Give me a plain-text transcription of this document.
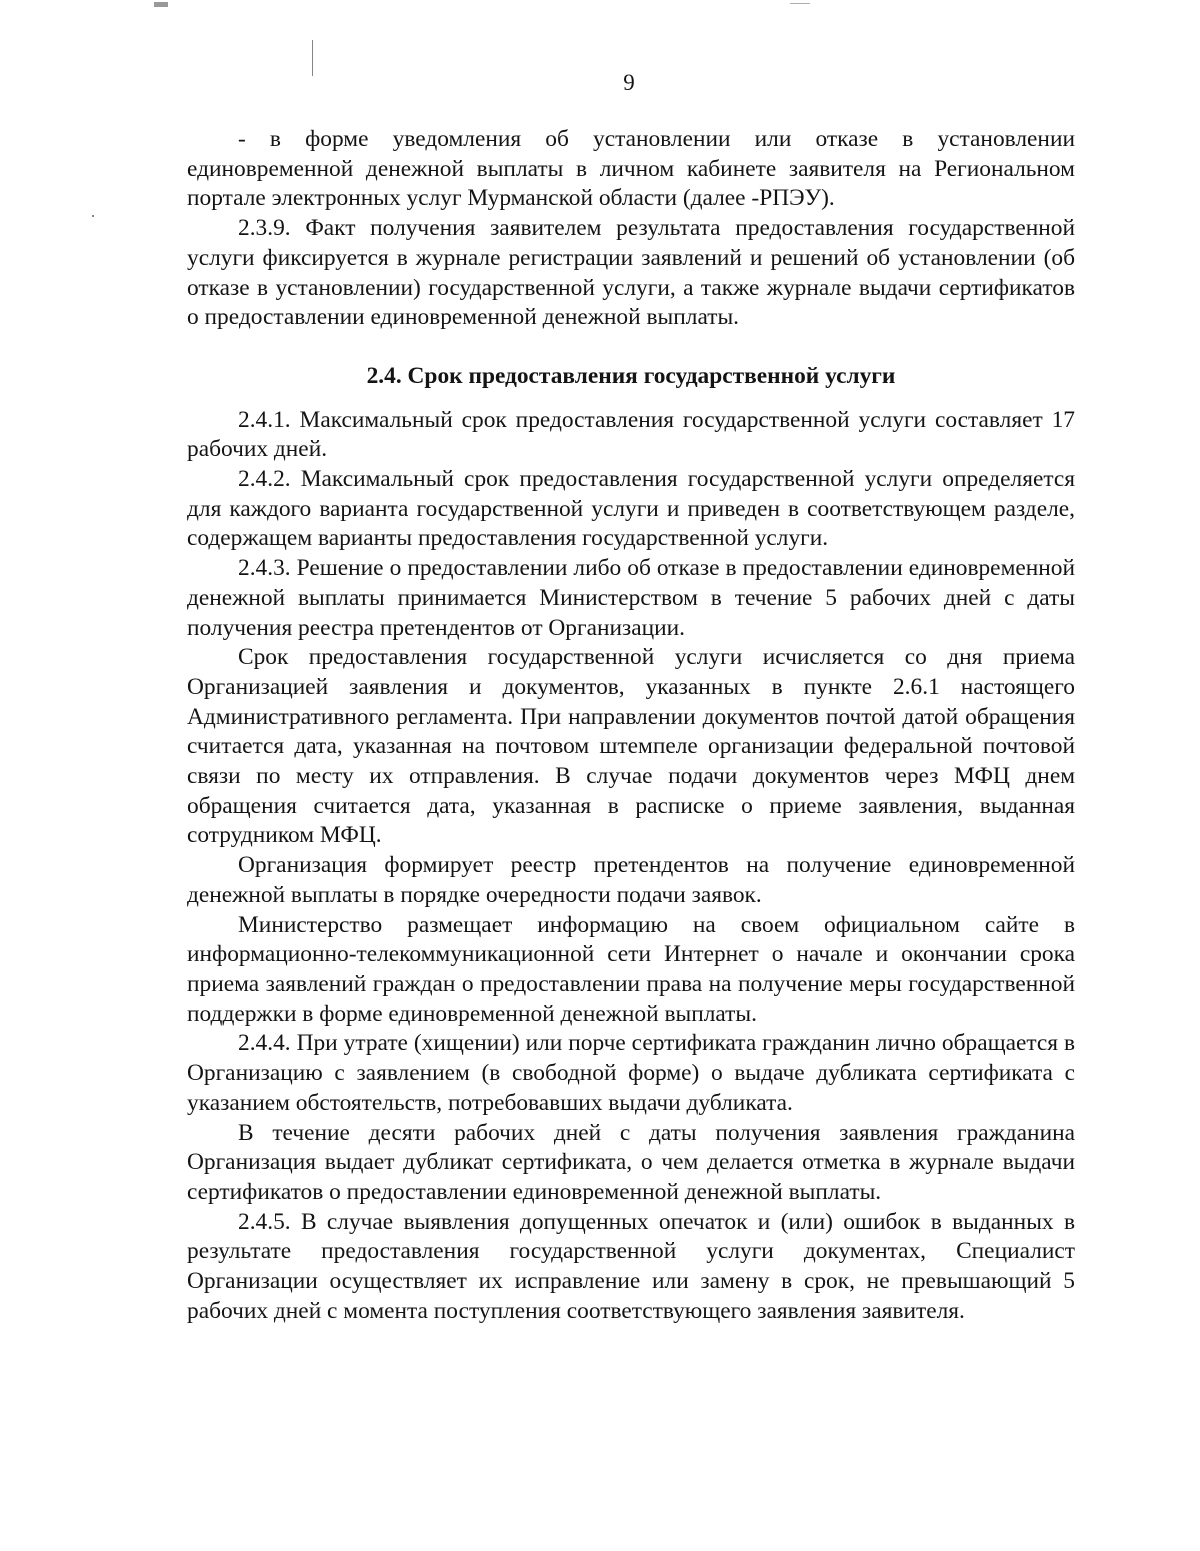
9

- в форме уведомления об установлении или отказе в установлении единовременной денежной выплаты в личном кабинете заявителя на Региональном портале электронных услуг Мурманской области (далее -РПЭУ).

2.3.9. Факт получения заявителем результата предоставления государственной услуги фиксируется в журнале регистрации заявлений и решений об установлении (об отказе в установлении) государственной услуги, а также журнале выдачи сертификатов о предоставлении единовременной денежной выплаты.

2.4. Срок предоставления государственной услуги

2.4.1. Максимальный срок предоставления государственной услуги составляет 17 рабочих дней.

2.4.2. Максимальный срок предоставления государственной услуги определяется для каждого варианта государственной услуги и приведен в соответствующем разделе, содержащем варианты предоставления государственной услуги.

2.4.3. Решение о предоставлении либо об отказе в предоставлении единовременной денежной выплаты принимается Министерством в течение 5 рабочих дней с даты получения реестра претендентов от Организации.

Срок предоставления государственной услуги исчисляется со дня приема Организацией заявления и документов, указанных в пункте 2.6.1 настоящего Административного регламента. При направлении документов почтой датой обращения считается дата, указанная на почтовом штемпеле организации федеральной почтовой связи по месту их отправления. В случае подачи документов через МФЦ днем обращения считается дата, указанная в расписке о приеме заявления, выданная сотрудником МФЦ.

Организация формирует реестр претендентов на получение единовременной денежной выплаты в порядке очередности подачи заявок.

Министерство размещает информацию на своем официальном сайте в информационно-телекоммуникационной сети Интернет о начале и окончании срока приема заявлений граждан о предоставлении права на получение меры государственной поддержки в форме единовременной денежной выплаты.

2.4.4. При утрате (хищении) или порче сертификата гражданин лично обращается в Организацию с заявлением (в свободной форме) о выдаче дубликата сертификата с указанием обстоятельств, потребовавших выдачи дубликата.

В течение десяти рабочих дней с даты получения заявления гражданина Организация выдает дубликат сертификата, о чем делается отметка в журнале выдачи сертификатов о предоставлении единовременной денежной выплаты.

2.4.5. В случае выявления допущенных опечаток и (или) ошибок в выданных в результате предоставления государственной услуги документах, Специалист Организации осуществляет их исправление или замену в срок, не превышающий 5 рабочих дней с момента поступления соответствующего заявления заявителя.
